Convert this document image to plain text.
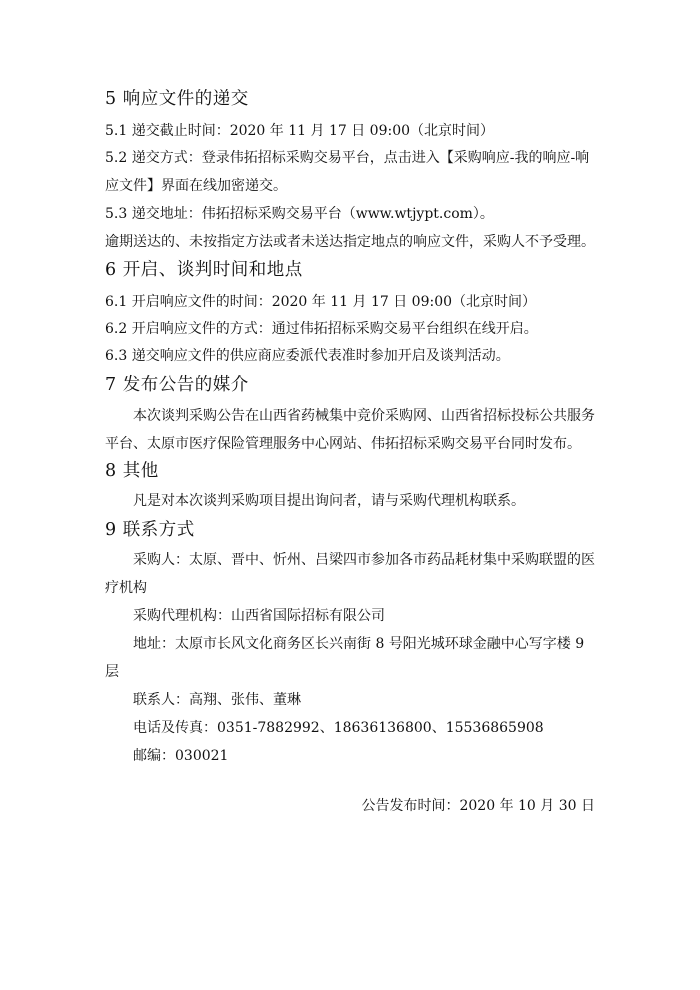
5 响应文件的递交
5.1 递交截止时间：2020 年 11 月 17 日 09:00（北京时间）
5.2 递交方式：登录伟拓招标采购交易平台，点击进入【采购响应-我的响应-响
应文件】界面在线加密递交。
5.3 递交地址：伟拓招标采购交易平台（www.wtjypt.com）。
逾期送达的、未按指定方法或者未送达指定地点的响应文件，采购人不予受理。
6 开启、谈判时间和地点
6.1 开启响应文件的时间：2020 年 11 月 17 日 09:00（北京时间）
6.2 开启响应文件的方式：通过伟拓招标采购交易平台组织在线开启。
6.3 递交响应文件的供应商应委派代表准时参加开启及谈判活动。
7 发布公告的媒介
本次谈判采购公告在山西省药械集中竞价采购网、山西省招标投标公共服务
平台、太原市医疗保险管理服务中心网站、伟拓招标采购交易平台同时发布。
8 其他
凡是对本次谈判采购项目提出询问者，请与采购代理机构联系。
9 联系方式
采购人：太原、晋中、忻州、吕梁四市参加各市药品耗材集中采购联盟的医
疗机构
采购代理机构：山西省国际招标有限公司
地址：太原市长风文化商务区长兴南街 8 号阳光城环球金融中心写字楼 9
层
联系人：高翔、张伟、董琳
电话及传真：0351-7882992、18636136800、15536865908
邮编：030021
公告发布时间：2020 年 10 月 30 日
